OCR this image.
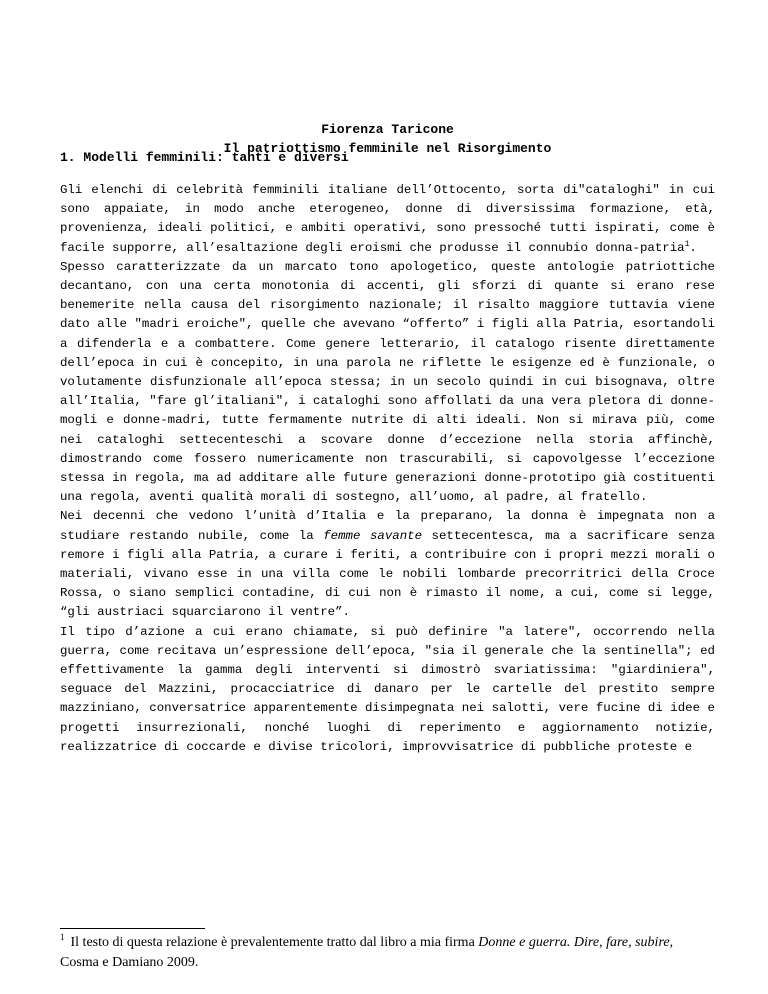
Fiorenza Taricone
Il patriottismo femminile nel Risorgimento
1. Modelli femminili: tanti e diversi

Gli elenchi di celebrità femminili italiane dell’Ottocento, sorta di"cataloghi" in cui sono appaiate, in modo anche eterogeneo, donne di diversissima formazione, età, provenienza, ideali politici, e ambiti operativi, sono pressoché tutti ispirati, come è facile supporre, all’esaltazione degli eroismi che produsse il connubio donna-patria$^1$.

Spesso caratterizzate da un marcato tono apologetico, queste antologie patriottiche decantano, con una certa monotonia di accenti, gli sforzi di quante si erano rese benemerite nella causa del risorgimento nazionale; il risalto maggiore tuttavia viene dato alle "madri eroiche", quelle che avevano “offerto” i figli alla Patria, esortandoli a difenderla e a combattere. Come genere letterario, il catalogo risente direttamente dell’epoca in cui è concepito, in una parola ne riflette le esigenze ed è funzionale, o volutamente disfunzionale all’epoca stessa; in un secolo quindi in cui bisognava, oltre all’Italia, "fare gl’italiani", i cataloghi sono affollati da una vera pletora di donne-mogli e donne-madri, tutte fermamente nutrite di alti ideali. Non si mirava più, come nei cataloghi settecenteschi a scovare donne d’eccezione nella storia affinchè, dimostrando come fossero numericamente non trascurabili, si capovolgesse l’eccezione stessa in regola, ma ad additare alle future generazioni donne-prototipo già costituenti una regola, aventi qualità morali di sostegno, all’uomo, al padre, al fratello.

Nei decenni che vedono l’unità d’Italia e la preparano, la donna è impegnata non a studiare restando nubile, come la femme savante settecentesca, ma a sacrificare senza remore i figli alla Patria, a curare i feriti, a contribuire con i propri mezzi morali o materiali, vivano esse in una villa come le nobili lombarde precorritrici della Croce Rossa, o siano semplici contadine, di cui non è rimasto il nome, a cui, come si legge, “gli austriaci squarciarono il ventre”.

Il tipo d’azione a cui erano chiamate, si può definire "a latere", occorrendo nella guerra, come recitava un’espressione dell’epoca, "sia il generale che la sentinella"; ed effettivamente la gamma degli interventi si dimostrò svariatissima: "giardiniera", seguace del Mazzini, procacciatrice di danaro per le cartelle del prestito sempre mazziniano, conversatrice apparentemente disimpegnata nei salotti, vere fucine di idee e progetti insurrezionali, nonché luoghi di reperimento e aggiornamento notizie, realizzatrice di coccarde e divise tricolori, improvvisatrice di pubbliche proteste e

$^1$ Il testo di questa relazione è prevalentemente tratto dal libro a mia firma Donne e guerra. Dire, fare, subire, Cosma e Damiano 2009.
